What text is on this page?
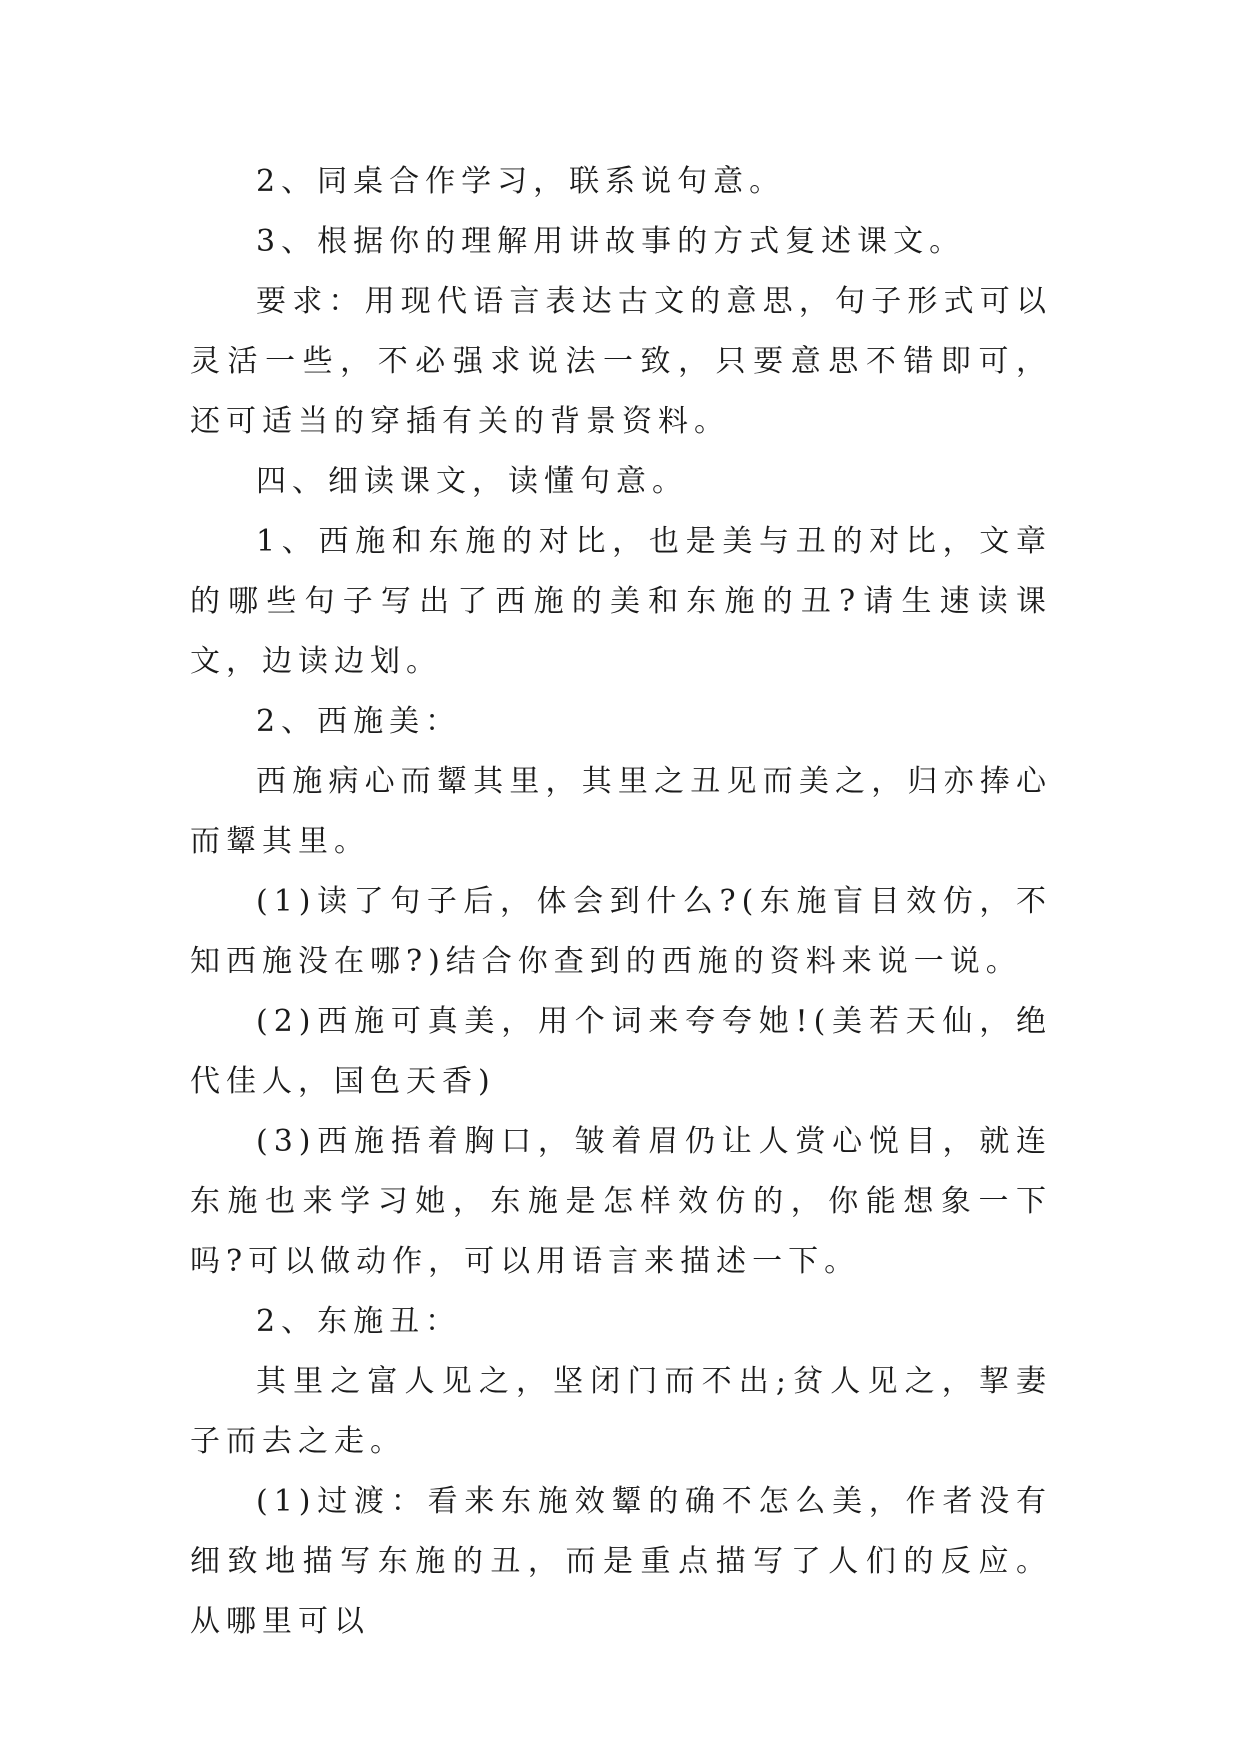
2、同桌合作学习，联系说句意。

3、根据你的理解用讲故事的方式复述课文。

要求：用现代语言表达古文的意思，句子形式可以灵活一些，不必强求说法一致，只要意思不错即可，还可适当的穿插有关的背景资料。

四、细读课文，读懂句意。

1、西施和东施的对比，也是美与丑的对比，文章的哪些句子写出了西施的美和东施的丑?请生速读课文，边读边划。

2、西施美：

西施病心而颦其里，其里之丑见而美之，归亦捧心而颦其里。

(1)读了句子后，体会到什么?(东施盲目效仿，不知西施没在哪?)结合你查到的西施的资料来说一说。

(2)西施可真美，用个词来夸夸她!(美若天仙，绝代佳人，国色天香)

(3)西施捂着胸口，皱着眉仍让人赏心悦目，就连东施也来学习她，东施是怎样效仿的，你能想象一下吗?可以做动作，可以用语言来描述一下。

2、东施丑：

其里之富人见之，坚闭门而不出;贫人见之，挈妻子而去之走。

(1)过渡：看来东施效颦的确不怎么美，作者没有细致地描写东施的丑，而是重点描写了人们的反应。从哪里可以
